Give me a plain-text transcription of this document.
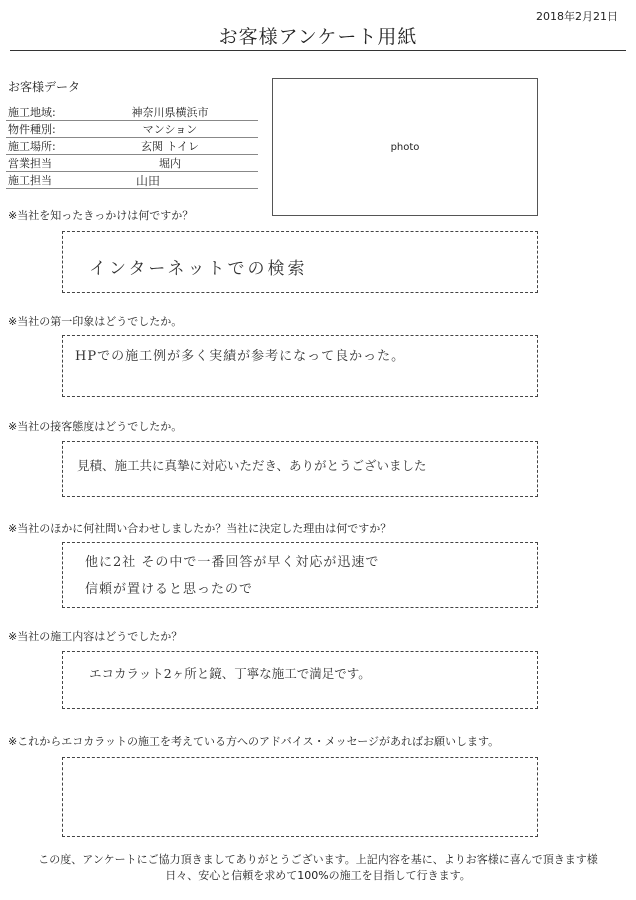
2018年2月21日
お客様アンケート用紙
お客様データ
施工地域:	神奈川県横浜市
物件種別:	マンション
施工場所:	玄関 トイレ
営業担当	堀内
施工担当	山田
photo
※当社を知ったきっかけは何ですか？
インターネットでの検索
※当社の第一印象はどうでしたか。
HPでの施工例が多く実績が参考になって良かった。
※当社の接客態度はどうでしたか。
見積、施工共に真摯に対応いただき、ありがとうございました
※当社のほかに何社問い合わせしましたか？当社に決定した理由は何ですか？
他に2社 その中で一番回答が早く対応が迅速で
信頼が置けると思ったので
※当社の施工内容はどうでしたか？
エコカラット2ヶ所と鏡、丁寧な施工で満足です。
※これからエコカラットの施工を考えている方へのアドバイス・メッセージがあればお願いします。
この度、アンケートにご協力頂きましてありがとうございます。上記内容を基に、よりお客様に喜んで頂きます様
日々、安心と信頼を求めて100%の施工を目指して行きます。
